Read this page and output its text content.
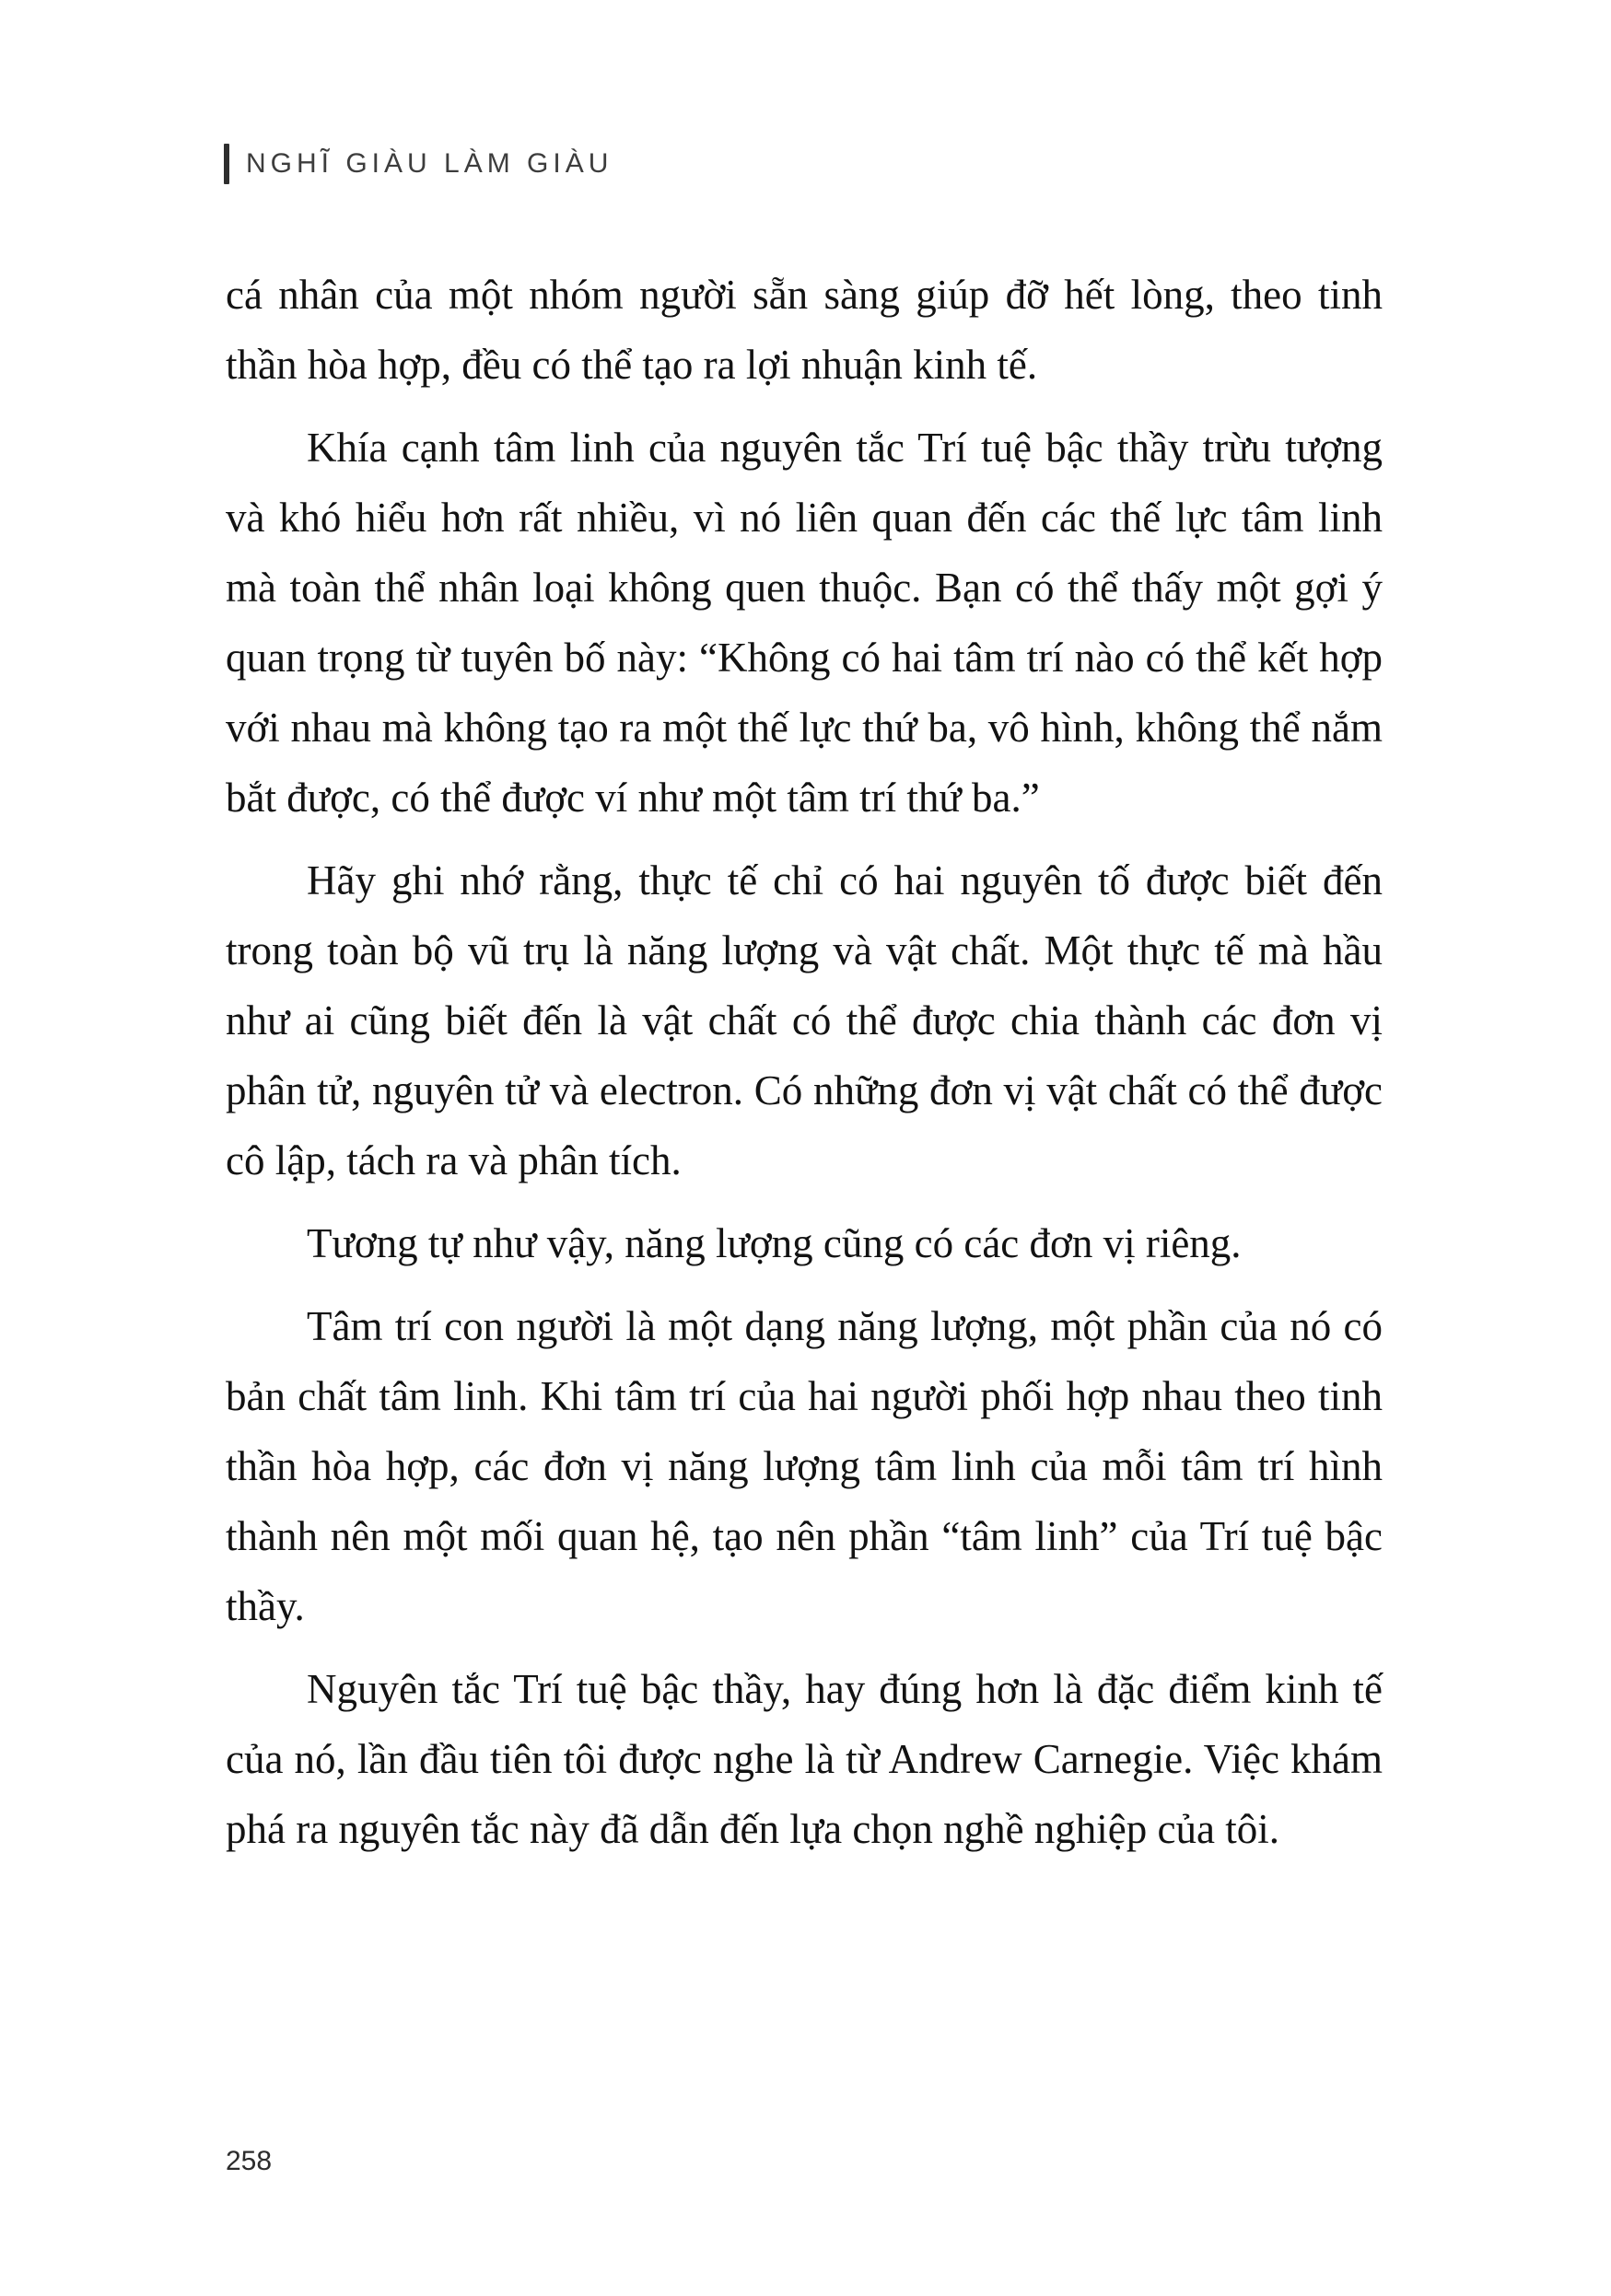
NGHĨ GIÀU LÀM GIÀU

cá nhân của một nhóm người sẵn sàng giúp đỡ hết lòng, theo tinh thần hòa hợp, đều có thể tạo ra lợi nhuận kinh tế.

Khía cạnh tâm linh của nguyên tắc Trí tuệ bậc thầy trừu tượng và khó hiểu hơn rất nhiều, vì nó liên quan đến các thế lực tâm linh mà toàn thể nhân loại không quen thuộc. Bạn có thể thấy một gợi ý quan trọng từ tuyên bố này: “Không có hai tâm trí nào có thể kết hợp với nhau mà không tạo ra một thế lực thứ ba, vô hình, không thể nắm bắt được, có thể được ví như một tâm trí thứ ba.”

Hãy ghi nhớ rằng, thực tế chỉ có hai nguyên tố được biết đến trong toàn bộ vũ trụ là năng lượng và vật chất. Một thực tế mà hầu như ai cũng biết đến là vật chất có thể được chia thành các đơn vị phân tử, nguyên tử và electron. Có những đơn vị vật chất có thể được cô lập, tách ra và phân tích.

Tương tự như vậy, năng lượng cũng có các đơn vị riêng.

Tâm trí con người là một dạng năng lượng, một phần của nó có bản chất tâm linh. Khi tâm trí của hai người phối hợp nhau theo tinh thần hòa hợp, các đơn vị năng lượng tâm linh của mỗi tâm trí hình thành nên một mối quan hệ, tạo nên phần “tâm linh” của Trí tuệ bậc thầy.

Nguyên tắc Trí tuệ bậc thầy, hay đúng hơn là đặc điểm kinh tế của nó, lần đầu tiên tôi được nghe là từ Andrew Carnegie. Việc khám phá ra nguyên tắc này đã dẫn đến lựa chọn nghề nghiệp của tôi.

258
